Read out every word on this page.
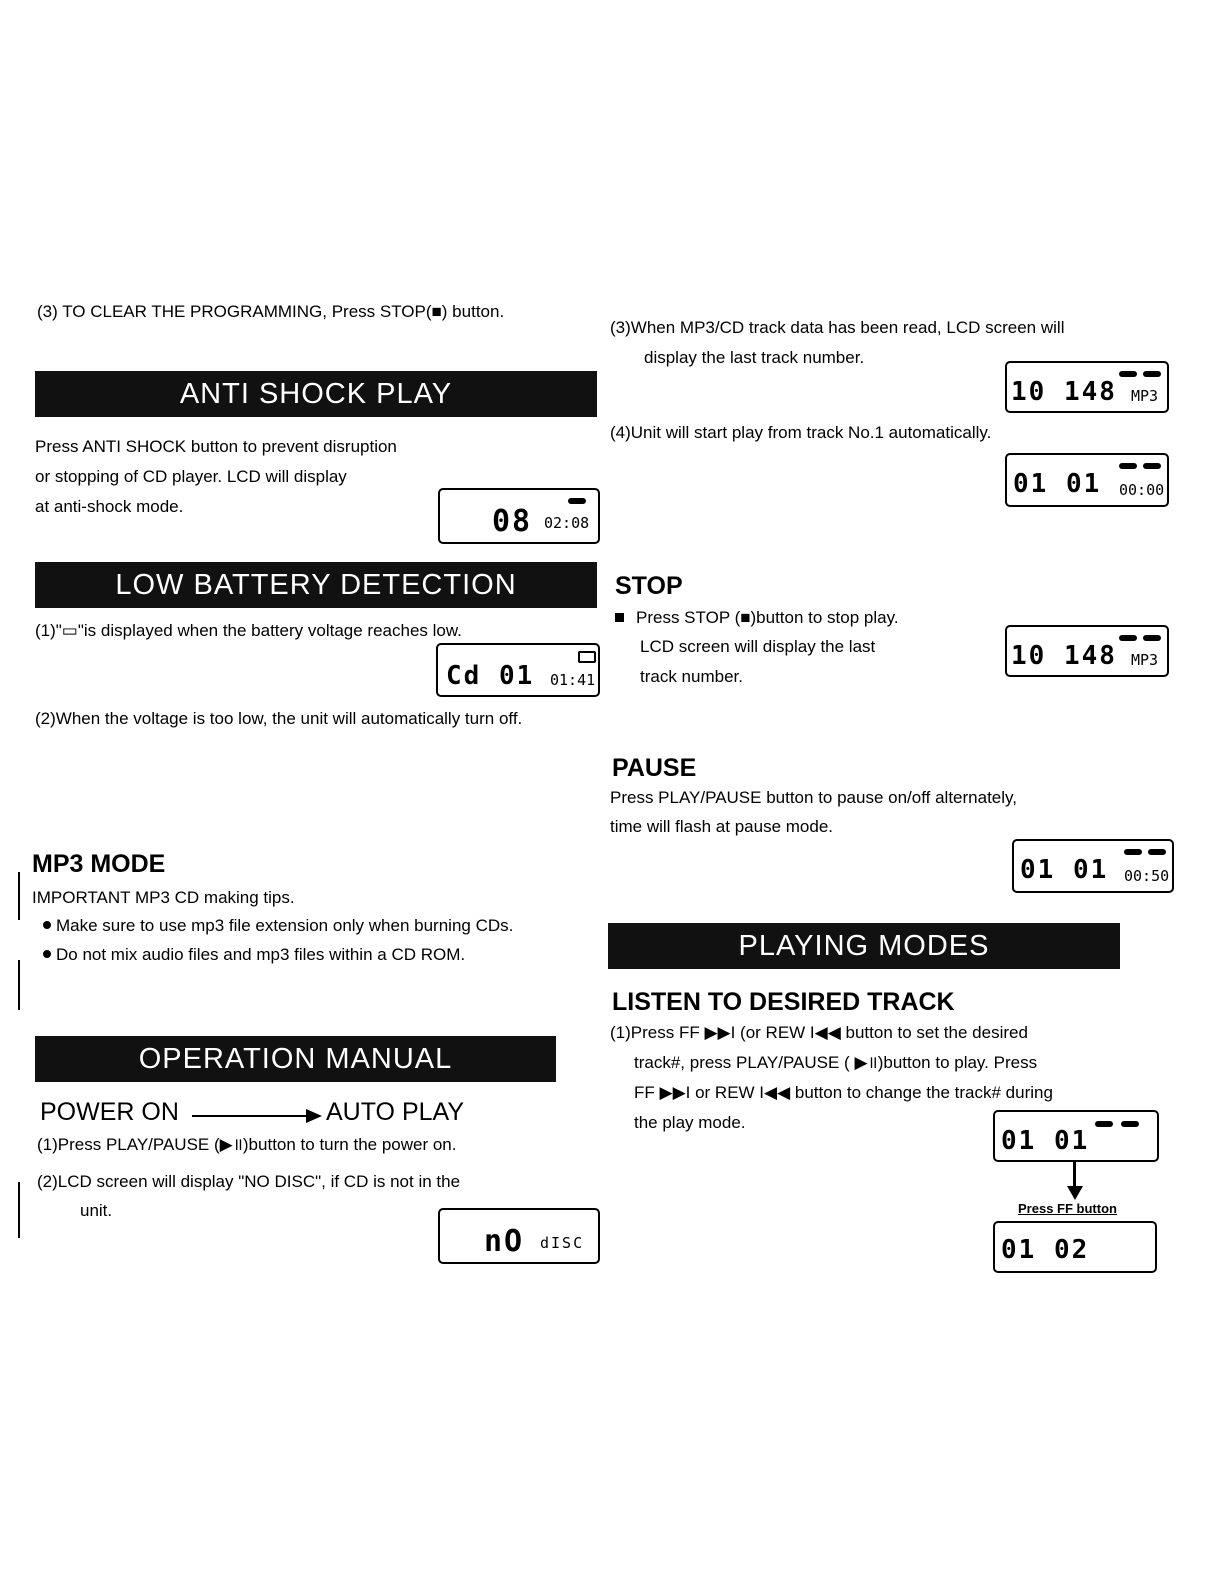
(3) TO CLEAR THE PROGRAMMING, Press STOP(■) button.
ANTI SHOCK PLAY
Press ANTI SHOCK button to prevent disruption
or stopping of CD player. LCD will display
at anti-shock mode.	08 02:08
LOW BATTERY DETECTION
(1)"▭"is displayed when the battery voltage reaches low.
Cd 01 01:41
(2)When the voltage is too low, the unit will automatically turn off.
MP3 MODE
IMPORTANT MP3 CD making tips.
Make sure to use mp3 file extension only when burning CDs.
Do not mix audio files and mp3 files within a CD ROM.
OPERATION MANUAL
POWER ON	AUTO PLAY
(1)Press PLAY/PAUSE (▶॥)button to turn the power on.
(2)LCD screen will display "NO DISC", if CD is not in the
unit.
nO dISC
(3)When MP3/CD track data has been read, LCD screen will
display the last track number.
10 148 MP3
(4)Unit will start play from track No.1 automatically.
01 01 00:00
STOP
Press STOP (■)button to stop play.
LCD screen will display the last
track number.
10 148 MP3
PAUSE
Press PLAY/PAUSE button to pause on/off alternately,
time will flash at pause mode.
01 01 00:50
PLAYING MODES
LISTEN TO DESIRED TRACK
(1)Press FF ▶▶I (or REW I◀◀ button to set the desired
track#, press PLAY/PAUSE ( ▶॥)button to play. Press
FF ▶▶I or REW I◀◀ button to change the track# during
the play mode.
01 01
Press FF button
01 02
